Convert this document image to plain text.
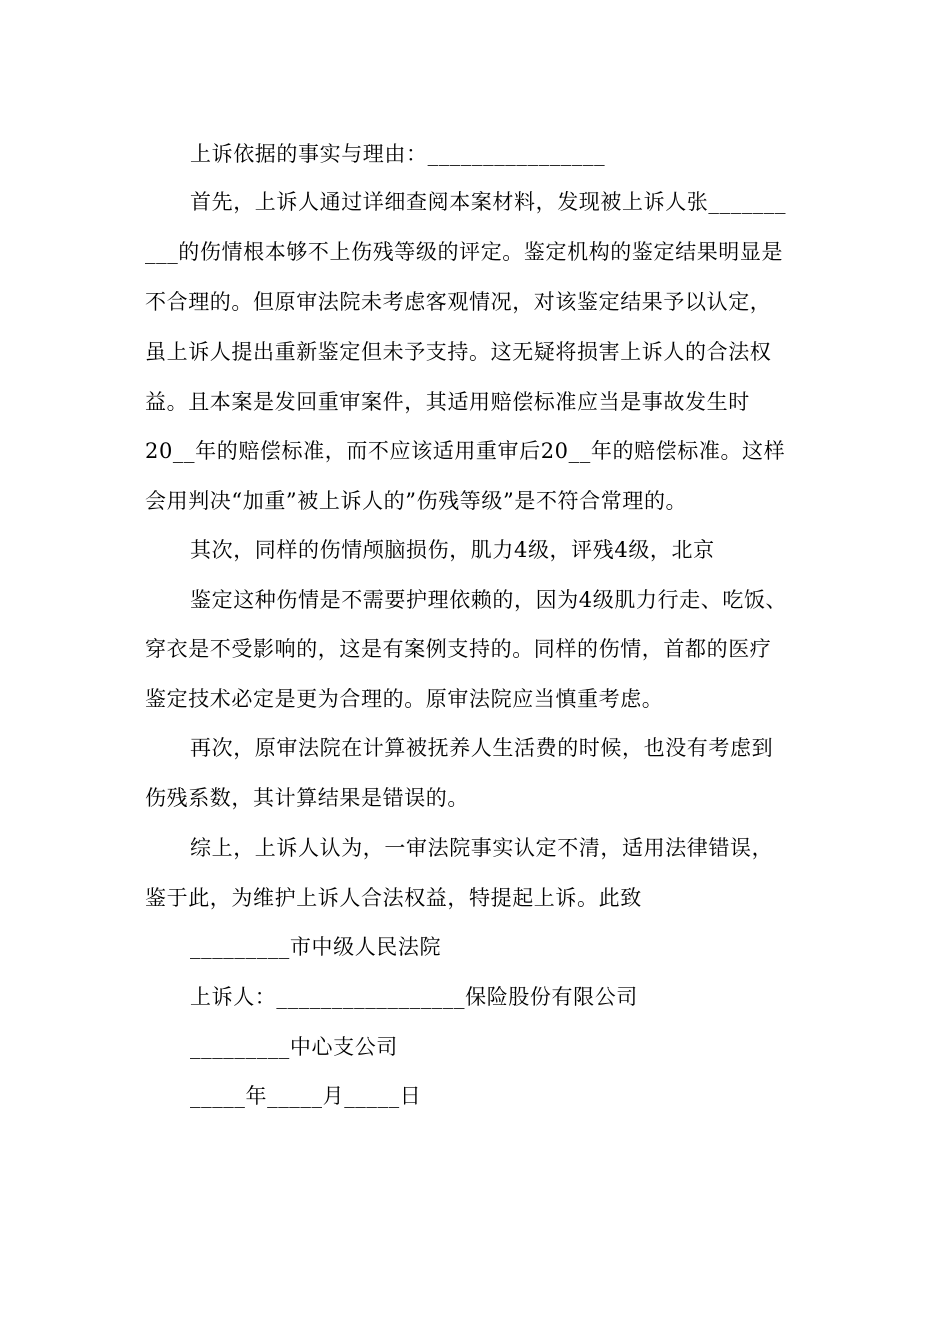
上诉依据的事实与理由：________________
首先，上诉人通过详细查阅本案材料，发现被上诉人张_______
___的伤情根本够不上伤残等级的评定。鉴定机构的鉴定结果明显是
不合理的。但原审法院未考虑客观情况，对该鉴定结果予以认定，
虽上诉人提出重新鉴定但未予支持。这无疑将损害上诉人的合法权
益。且本案是发回重审案件，其适用赔偿标准应当是事故发生时
20__年的赔偿标准，而不应该适用重审后20__年的赔偿标准。这样
会用判决“加重”被上诉人的”伤残等级”是不符合常理的。
其次，同样的伤情颅脑损伤，肌力4级，评残4级，北京
鉴定这种伤情是不需要护理依赖的，因为4级肌力行走、吃饭、
穿衣是不受影响的，这是有案例支持的。同样的伤情，首都的医疗
鉴定技术必定是更为合理的。原审法院应当慎重考虑。
再次，原审法院在计算被抚养人生活费的时候，也没有考虑到
伤残系数，其计算结果是错误的。
综上，上诉人认为，一审法院事实认定不清，适用法律错误，
鉴于此，为维护上诉人合法权益，特提起上诉。此致
_________市中级人民法院
上诉人：_________________保险股份有限公司
_________中心支公司
_____年_____月_____日
